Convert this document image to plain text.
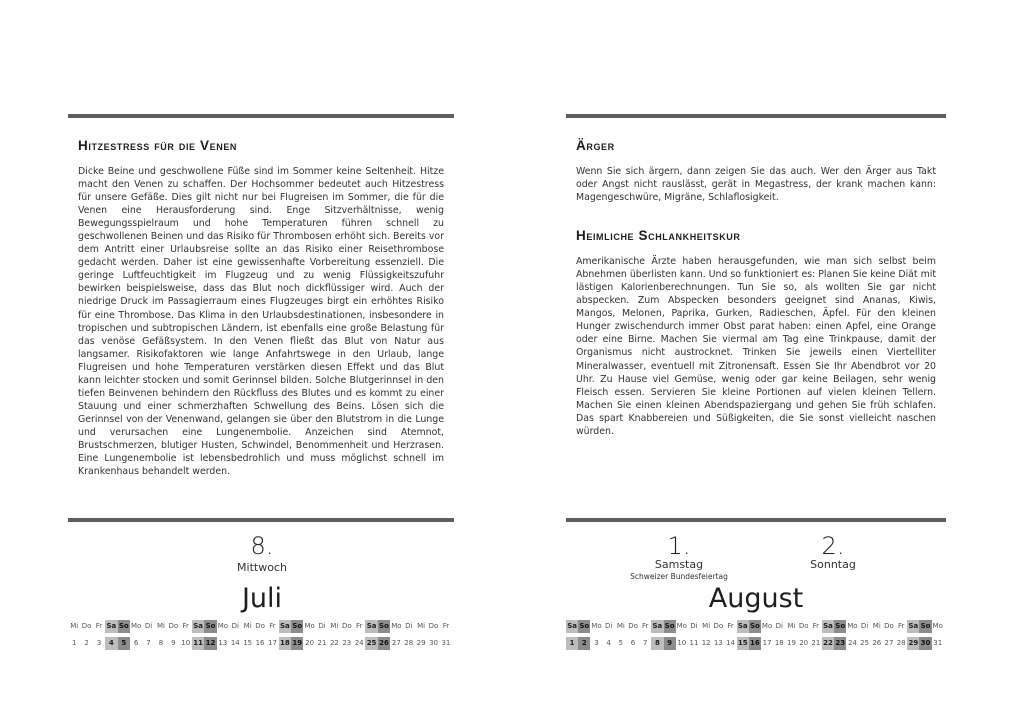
Hitzestress für die Venen

Dicke Beine und geschwollene Füße sind im Sommer keine Seltenheit. Hitze macht den Venen zu schaffen. Der Hochsommer bedeutet auch Hitzestress für unsere Gefäße. Dies gilt nicht nur bei Flugreisen im Sommer, die für die Venen eine Herausforderung sind. Enge Sitzverhältnisse, wenig Bewegungsspielraum und hohe Temperaturen führen schnell zu geschwollenen Beinen und das Risiko für Thrombosen erhöht sich. Bereits vor dem Antritt einer Urlaubsreise sollte an das Risiko einer Reisethrombose gedacht werden. Daher ist eine gewissenhafte Vorbereitung essenziell. Die geringe Luftfeuchtigkeit im Flugzeug und zu wenig Flüssigkeitszufuhr bewirken beispielsweise, dass das Blut noch dickflüssiger wird. Auch der niedrige Druck im Passagierraum eines Flugzeuges birgt ein erhöhtes Risiko für eine Thrombose. Das Klima in den Urlaubsdestinationen, insbesondere in tropischen und subtropischen Ländern, ist ebenfalls eine große Belastung für das venöse Gefäßsystem. In den Venen fließt das Blut von Natur aus langsamer. Risikofaktoren wie lange Anfahrtswege in den Urlaub, lange Flugreisen und hohe Temperaturen verstärken diesen Effekt und das Blut kann leichter stocken und somit Gerinnsel bilden. Solche Blutgerinnsel in den tiefen Beinvenen behindern den Rückfluss des Blutes und es kommt zu einer Stauung und einer schmerzhaften Schwellung des Beins. Lösen sich die Gerinnsel von der Venenwand, gelangen sie über den Blutstrom in die Lunge und verursachen eine Lungenembolie. Anzeichen sind Atemnot, Brustschmerzen, blutiger Husten, Schwindel, Benommenheit und Herzrasen. Eine Lungenembolie ist lebensbedrohlich und muss möglichst schnell im Krankenhaus behandelt werden.

8.
Mittwoch
Juli
Mi
1
Do
2
Fr
3
Sa
4
So
5
Mo
6
Di
7
Mi
8
Do
9
Fr
10
Sa
11
So
12
Mo
13
Di
14
Mi
15
Do
16
Fr
17
Sa
18
So
19
Mo
20
Di
21
Mi
22
Do
23
Fr
24
Sa
25
So
26
Mo
27
Di
28
Mi
29
Do
30
Fr
31
Ärger

Wenn Sie sich ärgern, dann zeigen Sie das auch. Wer den Ärger aus Takt oder Angst nicht rauslässt, gerät in Megastress, der krank machen kann: Magengeschwüre, Migräne, Schlaflosigkeit.

Heimliche Schlankheitskur

Amerikanische Ärzte haben herausgefunden, wie man sich selbst beim Abnehmen überlisten kann. Und so funktioniert es: Planen Sie keine Diät mit lästigen Kalorienberechnungen. Tun Sie so, als wollten Sie gar nicht abspecken. Zum Abspecken besonders geeignet sind Ananas, Kiwis, Mangos, Melonen, Paprika, Gurken, Radieschen, Äpfel. Für den kleinen Hunger zwischendurch immer Obst parat haben: einen Apfel, eine Orange oder eine Birne. Machen Sie viermal am Tag eine Trinkpause, damit der Organismus nicht austrocknet. Trinken Sie jeweils einen Viertelliter Mineralwasser, eventuell mit Zitronensaft. Essen Sie Ihr Abendbrot vor 20 Uhr. Zu Hause viel Gemüse, wenig oder gar keine Beilagen, sehr wenig Fleisch essen. Servieren Sie kleine Portionen auf vielen kleinen Tellern. Machen Sie einen kleinen Abendspaziergang und gehen Sie früh schlafen. Das spart Knabbereien und Süßigkeiten, die Sie sonst vielleicht naschen würden.

1.
Samstag
Schweizer Bundesfeiertag
2.
Sonntag
August
Sa
1
So
2
Mo
3
Di
4
Mi
5
Do
6
Fr
7
Sa
8
So
9
Mo
10
Di
11
Mi
12
Do
13
Fr
14
Sa
15
So
16
Mo
17
Di
18
Mi
19
Do
20
Fr
21
Sa
22
So
23
Mo
24
Di
25
Mi
26
Do
27
Fr
28
Sa
29
So
30
Mo
31
